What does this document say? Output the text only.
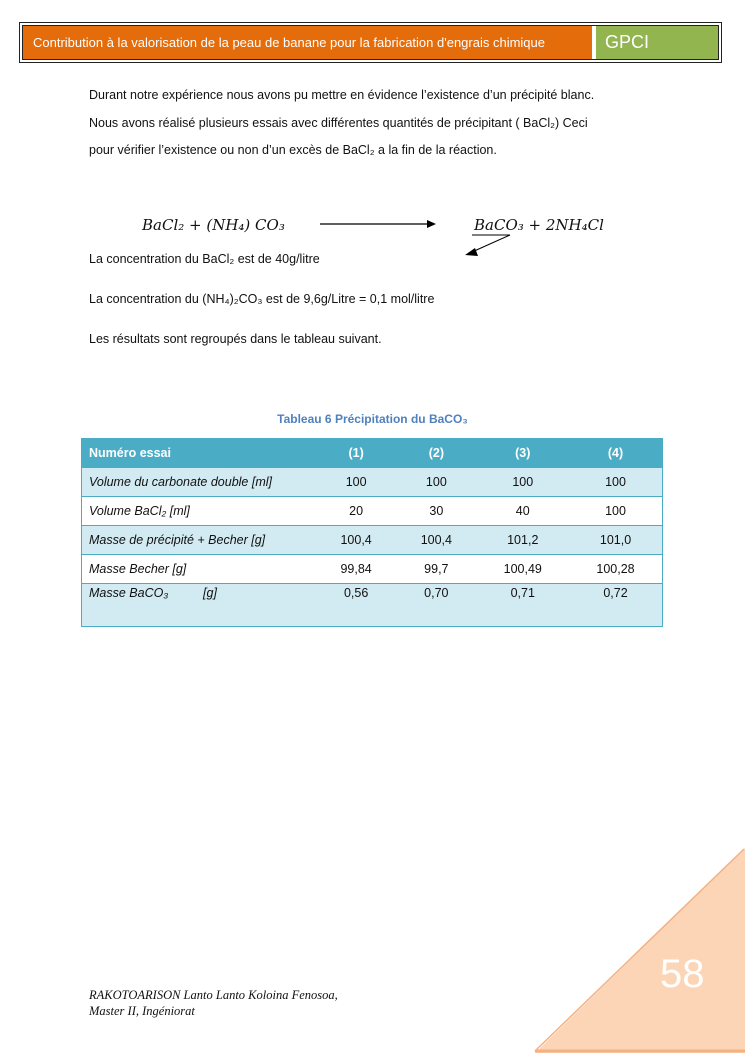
Contribution à la valorisation de la peau de banane pour la fabrication d'engrais chimique	GPCI
Durant notre expérience nous avons pu mettre en évidence l’existence d’un précipité blanc.
Nous avons réalisé plusieurs essais avec différentes quantités de précipitant ( BaCl₂) Ceci
pour vérifier l’existence ou non d’un excès de BaCl₂ a la fin de la réaction.
BaCl₂ + (NH₄) CO₃	BaCO₃ + 2NH₄Cl
La concentration du BaCl₂ est de 40g/litre
La concentration du (NH₄)₂CO₃ est de 9,6g/Litre = 0,1 mol/litre
Les résultats sont regroupés dans le tableau suivant.
Tableau 6 Précipitation du BaCO₃
Numéro essai	(1)	(2)	(3)	(4)
Volume du carbonate double [ml]	100	100	100	100
Volume BaCl₂ [ml]	20	30	40	100
Masse de précipité + Becher [g]	100,4	100,4	101,2	101,0
Masse Becher [g]	99,84	99,7	100,49	100,28
Masse BaCO₃          [g]	0,56	0,70	0,71	0,72
RAKOTOARISON Lanto Lanto Koloina Fenosoa,
Master II, Ingéniorat
58
